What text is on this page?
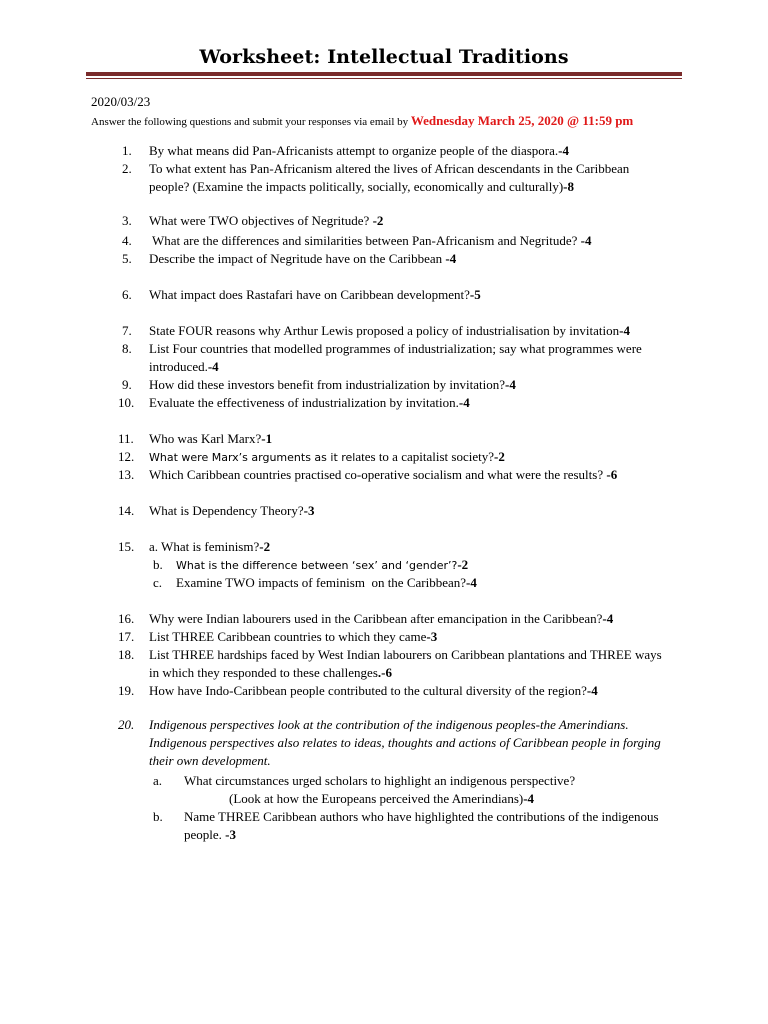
Worksheet: Intellectual Traditions
2020/03/23
Answer the following questions and submit your responses via email by Wednesday March 25, 2020 @ 11:59 pm
1.	By what means did Pan-Africanists attempt to organize people of the diaspora.-4
2.	To what extent has Pan-Africanism altered the lives of African descendants in the Caribbean
people? (Examine the impacts politically, socially, economically and culturally)-8
3.	What were TWO objectives of Negritude? -2
4.	What are the differences and similarities between Pan-Africanism and Negritude? -4
5.	Describe the impact of Negritude have on the Caribbean -4
6.	What impact does Rastafari have on Caribbean development?-5
7.	State FOUR reasons why Arthur Lewis proposed a policy of industrialisation by invitation-4
8.	List Four countries that modelled programmes of industrialization; say what programmes were
introduced.-4
9.	How did these investors benefit from industrialization by invitation?-4
10.	Evaluate the effectiveness of industrialization by invitation.-4
11.	Who was Karl Marx?-1
12.	What were Marx’s arguments as it relates to a capitalist society?-2
13.	Which Caribbean countries practised co-operative socialism and what were the results? -6
14.	What is Dependency Theory?-3
15.	a. What is feminism?-2
b. What is the difference between ‘sex’ and ‘gender’?-2
c. Examine TWO impacts of feminism  on the Caribbean?-4
16.	Why were Indian labourers used in the Caribbean after emancipation in the Caribbean?-4
17.	List THREE Caribbean countries to which they came-3
18.	List THREE hardships faced by West Indian labourers on Caribbean plantations and THREE ways
in which they responded to these challenges.-6
19.	How have Indo-Caribbean people contributed to the cultural diversity of the region?-4
20.	Indigenous perspectives look at the contribution of the indigenous peoples-the Amerindians.
Indigenous perspectives also relates to ideas, thoughts and actions of Caribbean people in forging
their own development.
a. What circumstances urged scholars to highlight an indigenous perspective?
(Look at how the Europeans perceived the Amerindians)-4
b. Name THREE Caribbean authors who have highlighted the contributions of the indigenous
people. -3
